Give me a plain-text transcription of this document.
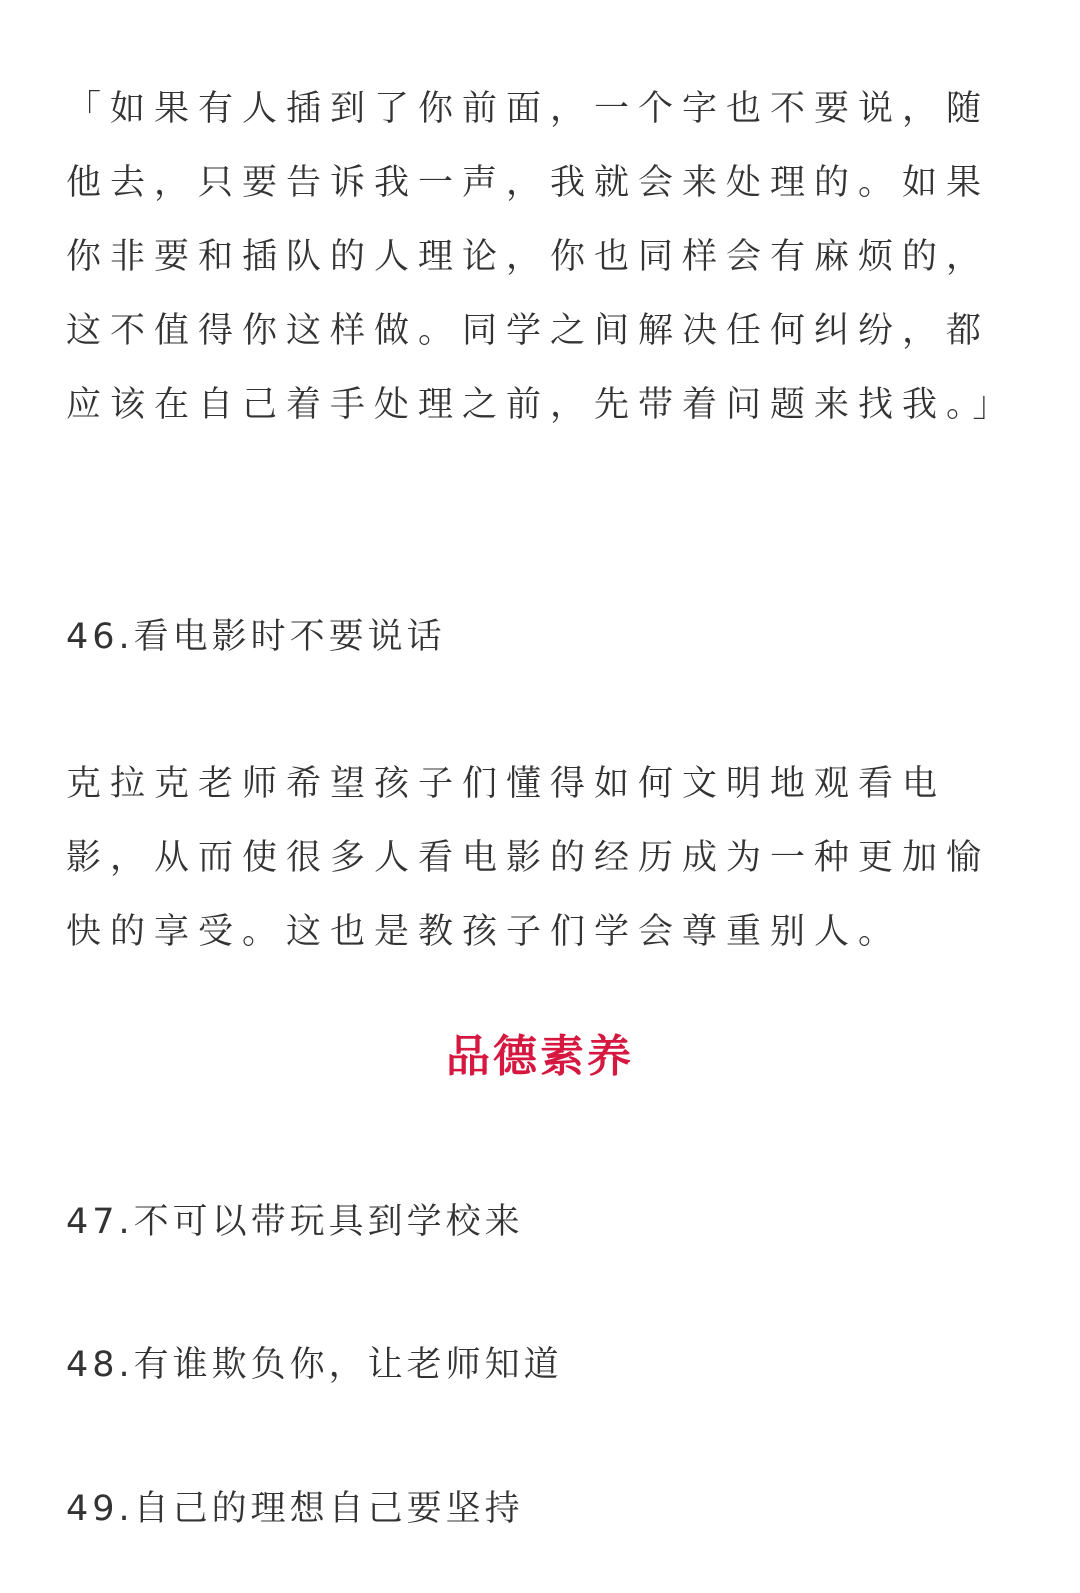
「如果有人插到了你前面，一个字也不要说，随他去，只要告诉我一声，我就会来处理的。如果你非要和插队的人理论，你也同样会有麻烦的，这不值得你这样做。同学之间解决任何纠纷，都应该在自己着手处理之前，先带着问题来找我。」

46.看电影时不要说话

克拉克老师希望孩子们懂得如何文明地观看电影，从而使很多人看电影的经历成为一种更加愉快的享受。这也是教孩子们学会尊重别人。

品德素养
47.不可以带玩具到学校来
48.有谁欺负你，让老师知道
49.自己的理想自己要坚持
